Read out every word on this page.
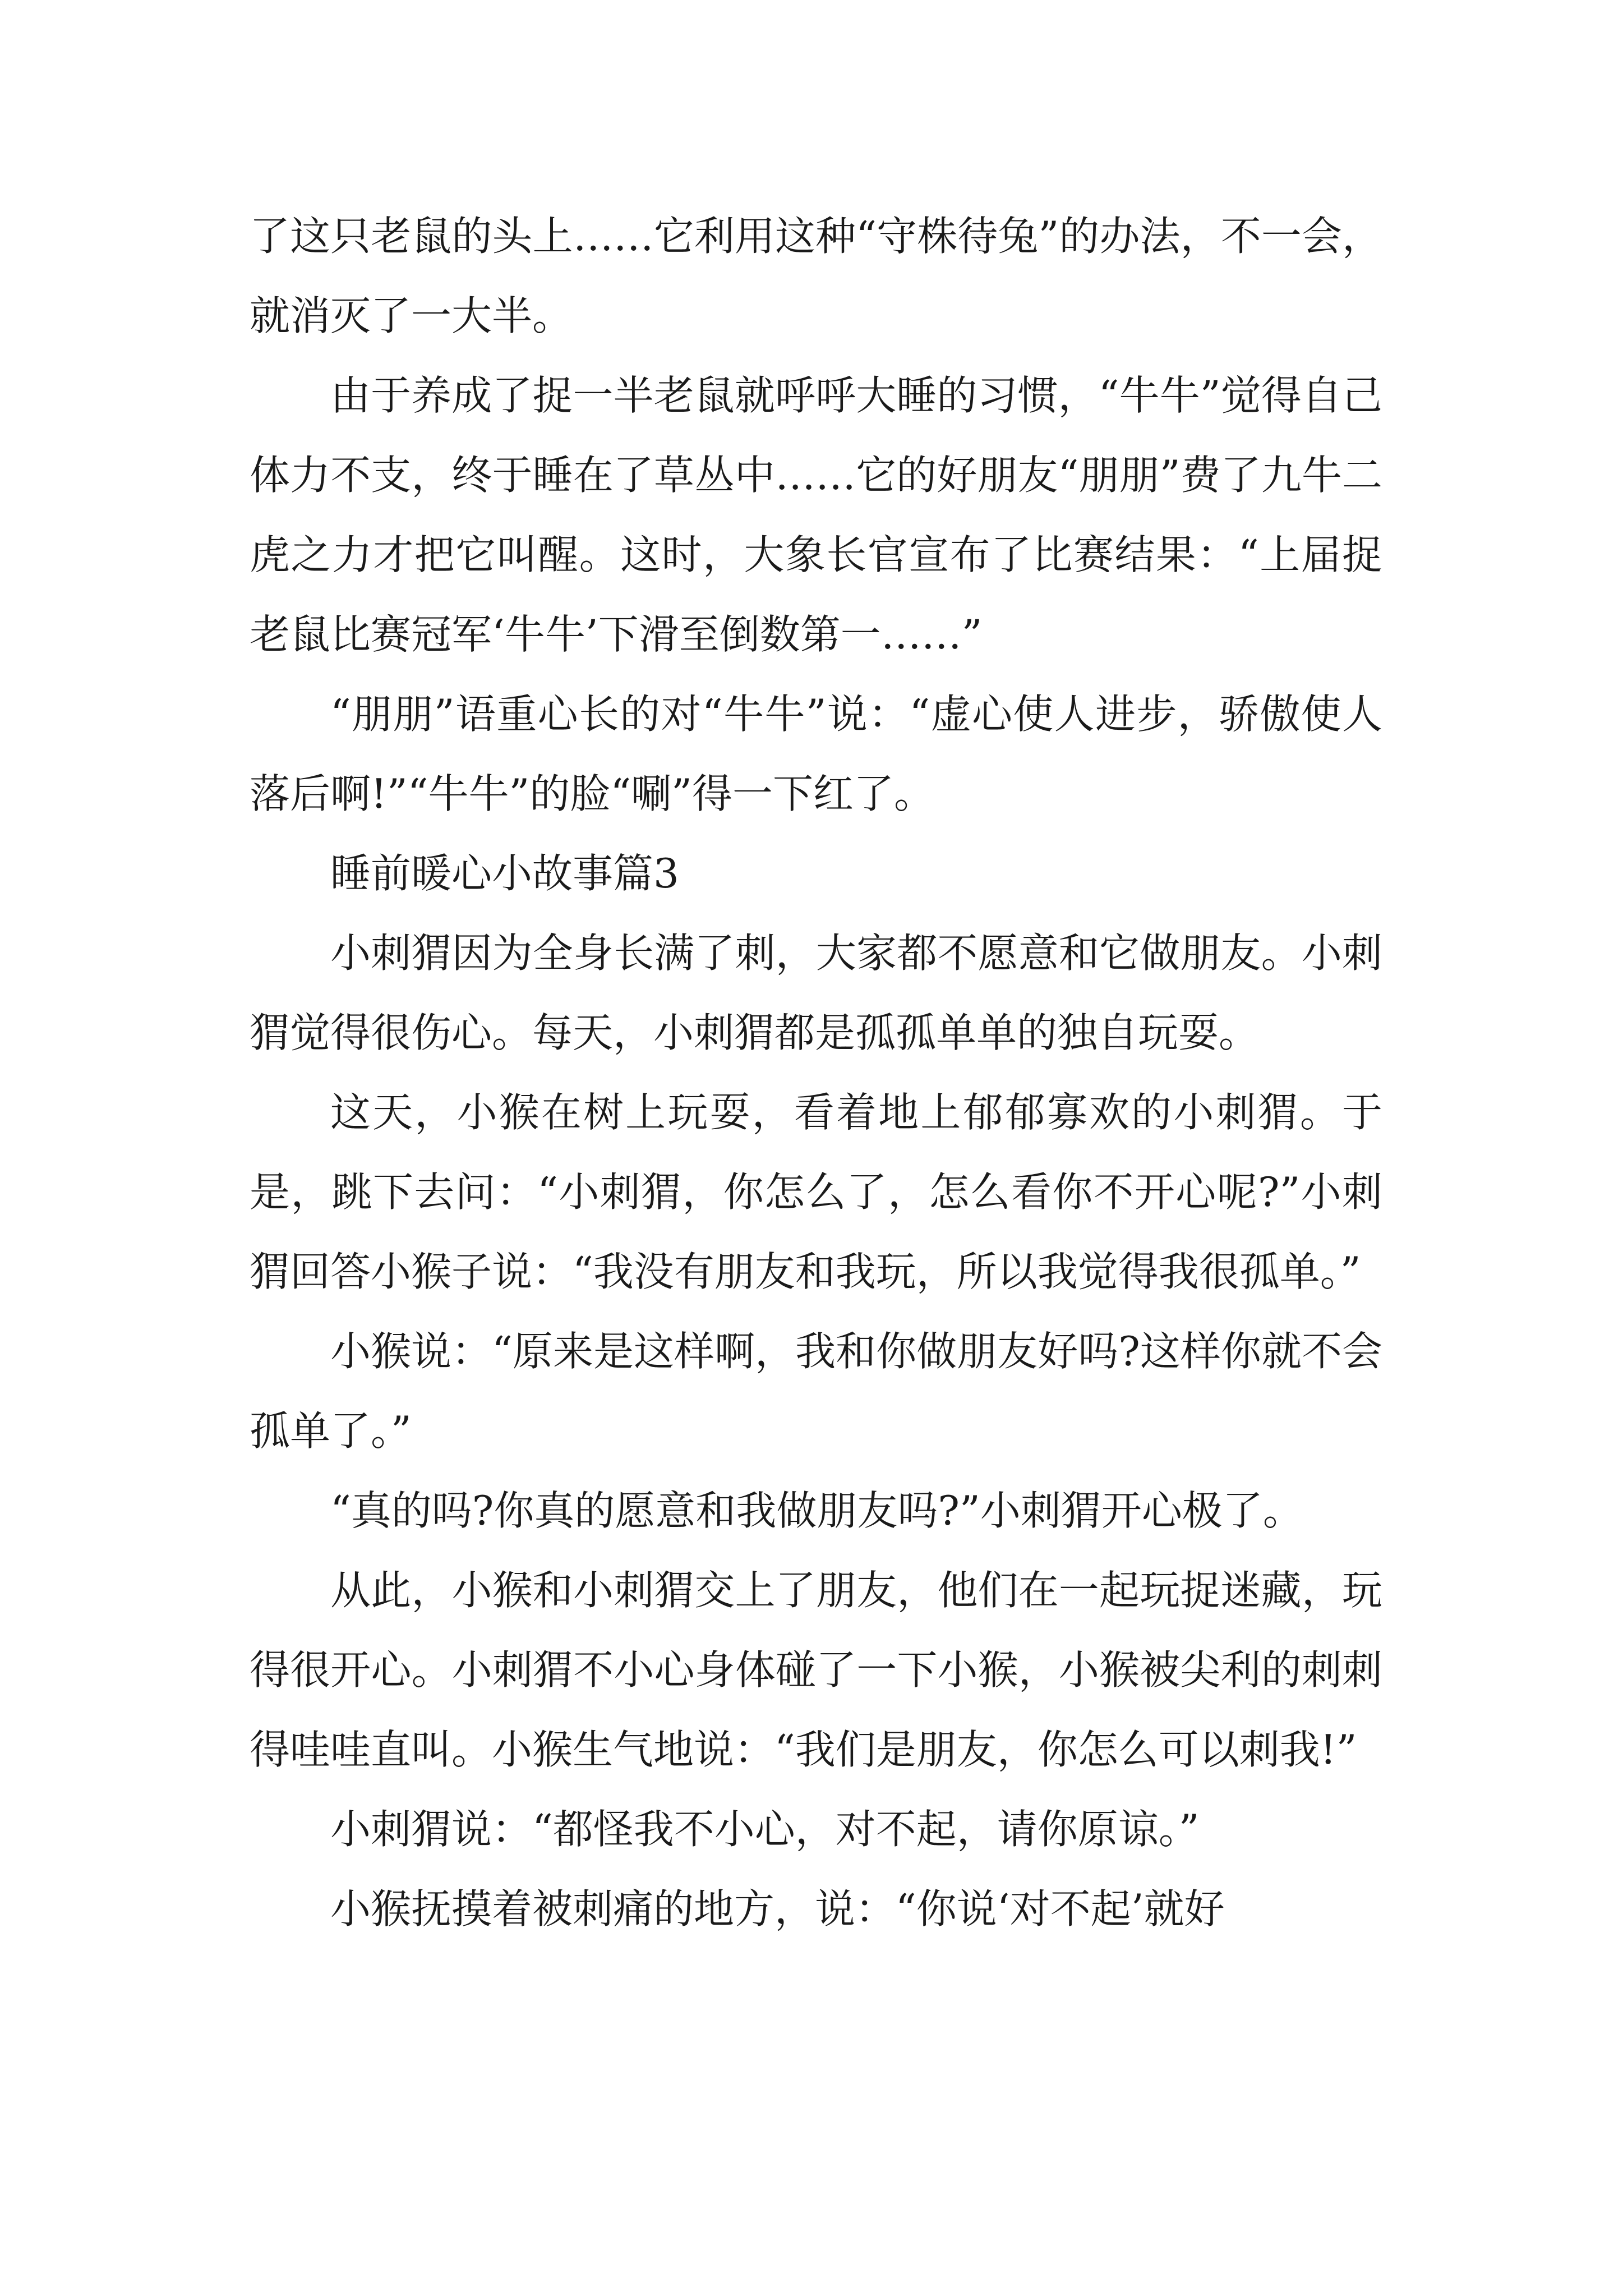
了这只老鼠的头上……它利用这种“守株待兔”的办法，不一会，就消灭了一大半。

由于养成了捉一半老鼠就呼呼大睡的习惯，“牛牛”觉得自己体力不支，终于睡在了草丛中……它的好朋友“朋朋”费了九牛二虎之力才把它叫醒。这时，大象长官宣布了比赛结果：“上届捉老鼠比赛冠军‘牛牛’下滑至倒数第一……”

“朋朋”语重心长的对“牛牛”说：“虚心使人进步，骄傲使人落后啊!”“牛牛”的脸“唰”得一下红了。

睡前暖心小故事篇3

小刺猬因为全身长满了刺，大家都不愿意和它做朋友。小刺猬觉得很伤心。每天，小刺猬都是孤孤单单的独自玩耍。

这天，小猴在树上玩耍，看着地上郁郁寡欢的小刺猬。于是，跳下去问：“小刺猬，你怎么了，怎么看你不开心呢?”小刺猬回答小猴子说：“我没有朋友和我玩，所以我觉得我很孤单。”

小猴说：“原来是这样啊，我和你做朋友好吗?这样你就不会孤单了。”

“真的吗?你真的愿意和我做朋友吗?”小刺猬开心极了。

从此，小猴和小刺猬交上了朋友，他们在一起玩捉迷藏，玩得很开心。小刺猬不小心身体碰了一下小猴，小猴被尖利的刺刺得哇哇直叫。小猴生气地说：“我们是朋友，你怎么可以刺我!”

小刺猬说：“都怪我不小心，对不起，请你原谅。”

小猴抚摸着被刺痛的地方，说：“你说‘对不起’就好
